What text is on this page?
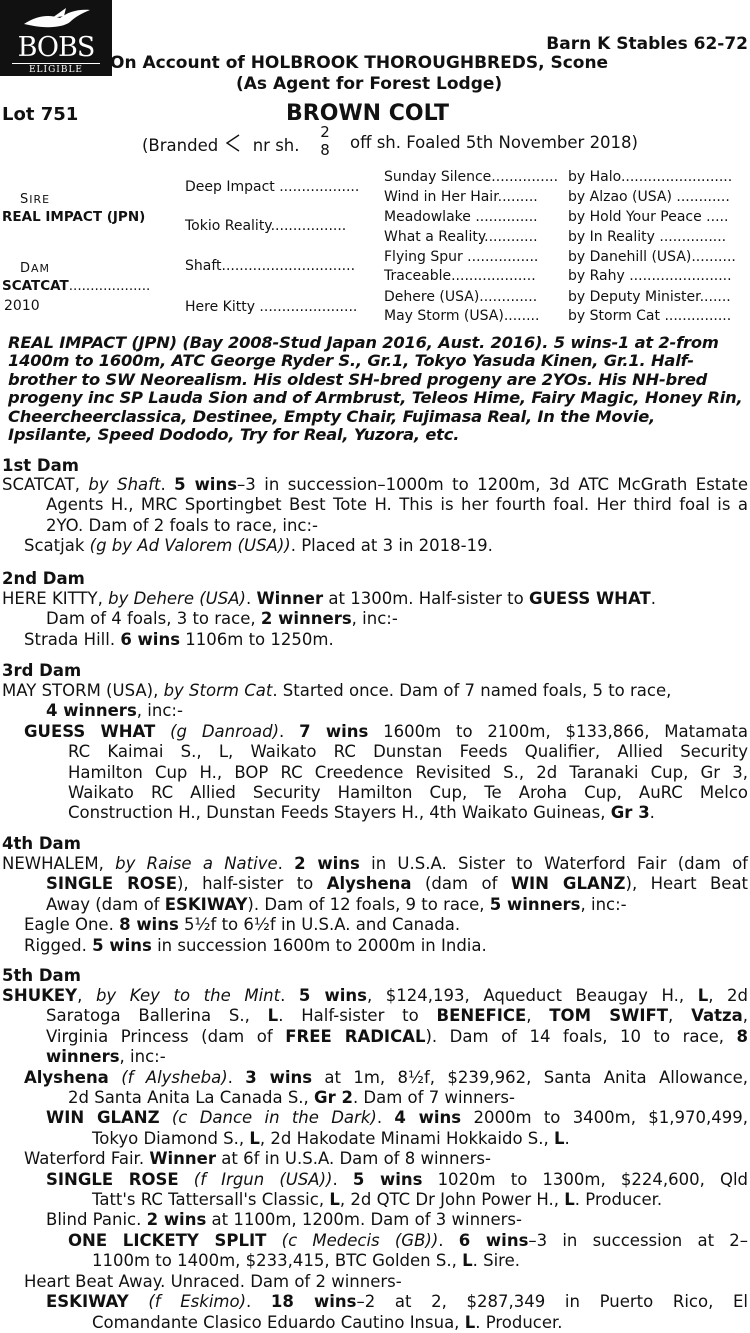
BOBS
ELIGIBLE
Barn K Stables 62-72
On Account of HOLBROOK THOROUGHBREDS, Scone
(As Agent for Forest Lodge)
Lot 751	BROWN COLT
(Branded nr sh.
2
8 off sh. Foaled 5th November 2018)
SIRE
REAL IMPACT (JPN)
DAM
SCATCAT...................
2010
Deep Impact ..................
Tokio Reality.................
Shaft..............................
Here Kitty ......................
Sunday Silence...............
Wind in Her Hair.........
Meadowlake ..............
What a Reality............
Flying Spur ................
Traceable...................
Dehere (USA).............
May Storm (USA)........
by Halo.........................
by Alzao (USA) ............
by Hold Your Peace .....
by In Reality ...............
by Danehill (USA)..........
by Rahy .......................
by Deputy Minister.......
by Storm Cat ...............
REAL IMPACT (JPN) (Bay 2008-Stud Japan 2016, Aust. 2016). 5 wins-1 at 2-from 1400m to 1600m, ATC George Ryder S., Gr.1, Tokyo Yasuda Kinen, Gr.1. Half-brother to SW Neorealism. His oldest SH-bred progeny are 2YOs. His NH-bred progeny inc SP Lauda Sion and of Armbrust, Teleos Hime, Fairy Magic, Honey Rin, Cheercheerclassica, Destinee, Empty Chair, Fujimasa Real, In the Movie, Ipsilante, Speed Dododo, Try for Real, Yuzora, etc.
1st Dam
SCATCAT, by Shaft. 5 wins–3 in succession–1000m to 1200m, 3d ATC McGrath Estate Agents H., MRC Sportingbet Best Tote H. This is her fourth foal. Her third foal is a 2YO. Dam of 2 foals to race, inc:-
Scatjak (g by Ad Valorem (USA)). Placed at 3 in 2018-19.
2nd Dam
HERE KITTY, by Dehere (USA). Winner at 1300m. Half-sister to GUESS WHAT.
Dam of 4 foals, 3 to race, 2 winners, inc:-
Strada Hill. 6 wins 1106m to 1250m.
3rd Dam
MAY STORM (USA), by Storm Cat. Started once. Dam of 7 named foals, 5 to race,
4 winners, inc:-
GUESS WHAT (g Danroad). 7 wins 1600m to 2100m, $133,866, Matamata
RC Kaimai S., L, Waikato RC Dunstan Feeds Qualifier, Allied Security
Hamilton Cup H., BOP RC Creedence Revisited S., 2d Taranaki Cup, Gr 3,
Waikato RC Allied Security Hamilton Cup, Te Aroha Cup, AuRC Melco
Construction H., Dunstan Feeds Stayers H., 4th Waikato Guineas, Gr 3.
4th Dam
NEWHALEM, by Raise a Native. 2 wins in U.S.A. Sister to Waterford Fair (dam of
SINGLE ROSE), half-sister to Alyshena (dam of WIN GLANZ), Heart Beat
Away (dam of ESKIWAY). Dam of 12 foals, 9 to race, 5 winners, inc:-
Eagle One. 8 wins 5½f to 6½f in U.S.A. and Canada.
Rigged. 5 wins in succession 1600m to 2000m in India.
5th Dam
SHUKEY, by Key to the Mint. 5 wins, $124,193, Aqueduct Beaugay H., L, 2d
Saratoga Ballerina S., L. Half-sister to BENEFICE, TOM SWIFT, Vatza,
Virginia Princess (dam of FREE RADICAL). Dam of 14 foals, 10 to race, 8
winners, inc:-
Alyshena (f Alysheba). 3 wins at 1m, 8½f, $239,962, Santa Anita Allowance,
2d Santa Anita La Canada S., Gr 2. Dam of 7 winners-
WIN GLANZ (c Dance in the Dark). 4 wins 2000m to 3400m, $1,970,499,
Tokyo Diamond S., L, 2d Hakodate Minami Hokkaido S., L.
Waterford Fair. Winner at 6f in U.S.A. Dam of 8 winners-
SINGLE ROSE (f Irgun (USA)). 5 wins 1020m to 1300m, $224,600, Qld
Tatt's RC Tattersall's Classic, L, 2d QTC Dr John Power H., L. Producer.
Blind Panic. 2 wins at 1100m, 1200m. Dam of 3 winners-
ONE LICKETY SPLIT (c Medecis (GB)). 6 wins–3 in succession at 2–
1100m to 1400m, $233,415, BTC Golden S., L. Sire.
Heart Beat Away. Unraced. Dam of 2 winners-
ESKIWAY (f Eskimo). 18 wins–2 at 2, $287,349 in Puerto Rico, El
Comandante Clasico Eduardo Cautino Insua, L. Producer.
